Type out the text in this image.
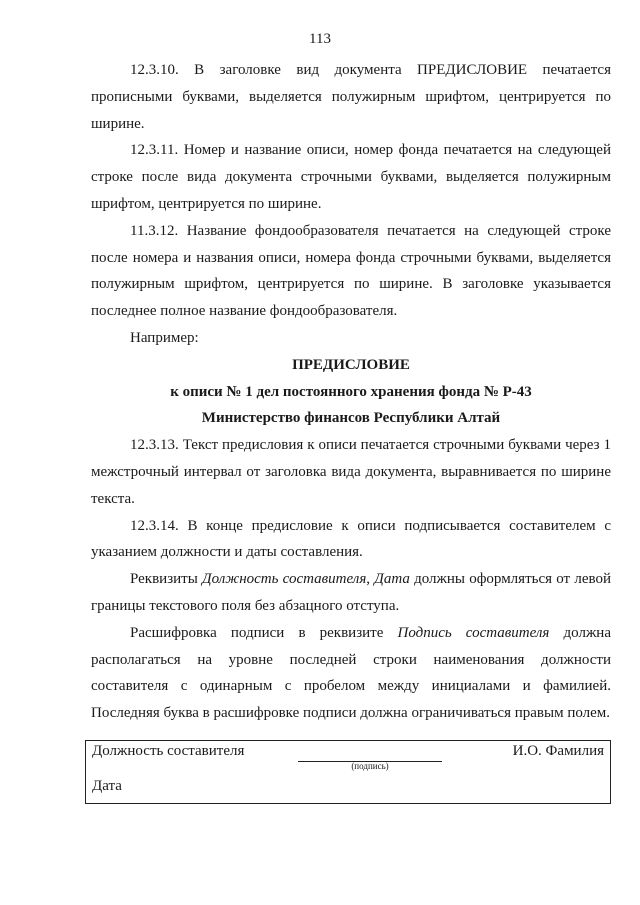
113

12.3.10. В заголовке вид документа ПРЕДИСЛОВИЕ печатается прописными буквами, выделяется полужирным шрифтом, центрируется по ширине.

12.3.11. Номер и название описи, номер фонда печатается на следующей строке после вида документа строчными буквами, выделяется полужирным шрифтом, центрируется по ширине.

11.3.12. Название фондообразователя печатается на следующей строке после номера и названия описи, номера фонда строчными буквами, выделяется полужирным шрифтом, центрируется по ширине. В заголовке указывается последнее полное название фондообразователя.

Например:

ПРЕДИСЛОВИЕ

к описи № 1 дел постоянного хранения фонда № Р-43

Министерство финансов Республики Алтай

12.3.13. Текст предисловия к описи печатается строчными буквами через 1 межстрочный интервал от заголовка вида документа, выравнивается по ширине текста.

12.3.14. В конце предисловие к описи подписывается составителем с указанием должности и даты составления.

Реквизиты Должность составителя, Дата должны оформляться от левой границы текстового поля без абзацного отступа.

Расшифровка подписи в реквизите Подпись составителя должна располагаться на уровне последней строки наименования должности составителя с одинарным с пробелом между инициалами и фамилией. Последняя буква в расшифровке подписи должна ограничиваться правым полем.

Должность составителя
(подпись)
И.О. Фамилия
Дата
